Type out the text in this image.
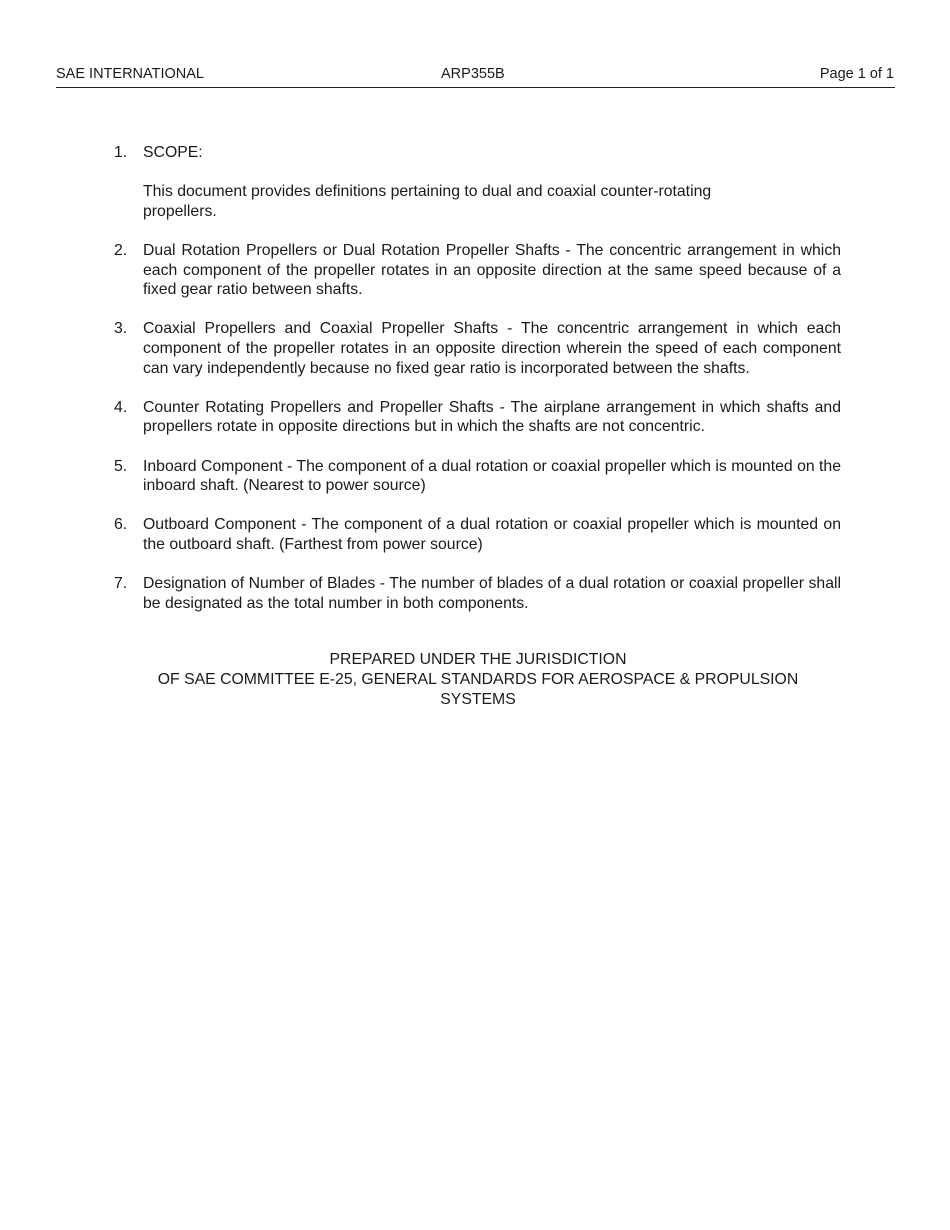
SAE INTERNATIONAL	ARP355B	Page 1 of 1
1. SCOPE:
This document provides definitions pertaining to dual and coaxial counter-rotating propellers.
2. Dual Rotation Propellers or Dual Rotation Propeller Shafts - The concentric arrangement in which each component of the propeller rotates in an opposite direction at the same speed because of a fixed gear ratio between shafts.
3. Coaxial Propellers and Coaxial Propeller Shafts - The concentric arrangement in which each component of the propeller rotates in an opposite direction wherein the speed of each component can vary independently because no fixed gear ratio is incorporated between the shafts.
4. Counter Rotating Propellers and Propeller Shafts - The airplane arrangement in which shafts and propellers rotate in opposite directions but in which the shafts are not concentric.
5. Inboard Component - The component of a dual rotation or coaxial propeller which is mounted on the inboard shaft. (Nearest to power source)
6. Outboard Component - The component of a dual rotation or coaxial propeller which is mounted on the outboard shaft. (Farthest from power source)
7. Designation of Number of Blades - The number of blades of a dual rotation or coaxial propeller shall be designated as the total number in both components.
PREPARED UNDER THE JURISDICTION
OF SAE COMMITTEE E-25, GENERAL STANDARDS FOR AEROSPACE & PROPULSION
SYSTEMS
